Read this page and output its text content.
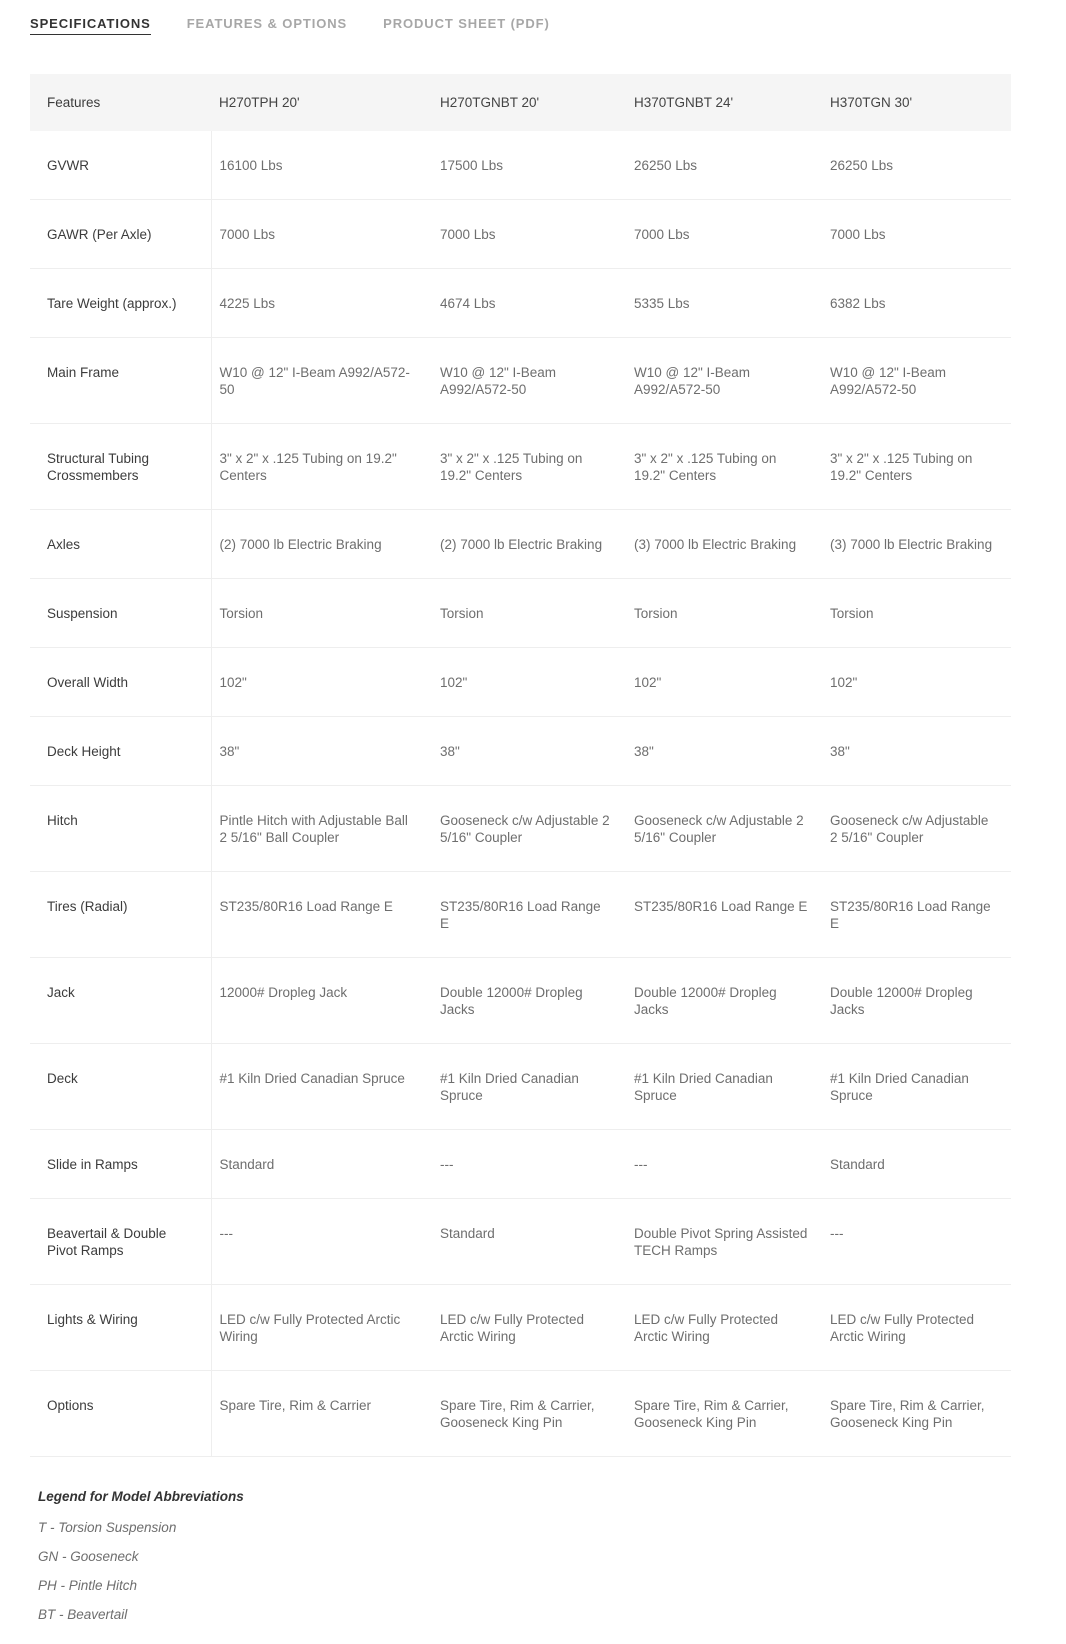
SPECIFICATIONS	FEATURES & OPTIONS	PRODUCT SHEET (PDF)
Features	H270TPH 20'	H270TGNBT 20'	H370TGNBT 24'	H370TGN 30'
GVWR	16100 Lbs	17500 Lbs	26250 Lbs	26250 Lbs
GAWR (Per Axle)	7000 Lbs	7000 Lbs	7000 Lbs	7000 Lbs
Tare Weight (approx.)	4225 Lbs	4674 Lbs	5335 Lbs	6382 Lbs
Main Frame	W10 @ 12" I-Beam A992/A572-50	W10 @ 12" I-Beam A992/A572-50	W10 @ 12" I-Beam A992/A572-50	W10 @ 12" I-Beam A992/A572-50
Structural Tubing Crossmembers	3" x 2" x .125 Tubing on 19.2" Centers	3" x 2" x .125 Tubing on 19.2" Centers	3" x 2" x .125 Tubing on 19.2" Centers	3" x 2" x .125 Tubing on 19.2" Centers
Axles	(2) 7000 lb Electric Braking	(2) 7000 lb Electric Braking	(3) 7000 lb Electric Braking	(3) 7000 lb Electric Braking
Suspension	Torsion	Torsion	Torsion	Torsion
Overall Width	102"	102"	102"	102"
Deck Height	38"	38"	38"	38"
Hitch	Pintle Hitch with Adjustable Ball 2 5/16" Ball Coupler	Gooseneck c/w Adjustable 2 5/16" Coupler	Gooseneck c/w Adjustable 2 5/16" Coupler	Gooseneck c/w Adjustable 2 5/16" Coupler
Tires (Radial)	ST235/80R16 Load Range E	ST235/80R16 Load Range E	ST235/80R16 Load Range E	ST235/80R16 Load Range E
Jack	12000# Dropleg Jack	Double 12000# Dropleg Jacks	Double 12000# Dropleg Jacks	Double 12000# Dropleg Jacks
Deck	#1 Kiln Dried Canadian Spruce	#1 Kiln Dried Canadian Spruce	#1 Kiln Dried Canadian Spruce	#1 Kiln Dried Canadian Spruce
Slide in Ramps	Standard	---	---	Standard
Beavertail & Double Pivot Ramps	---	Standard	Double Pivot Spring Assisted TECH Ramps	---
Lights & Wiring	LED c/w Fully Protected Arctic Wiring	LED c/w Fully Protected Arctic Wiring	LED c/w Fully Protected Arctic Wiring	LED c/w Fully Protected Arctic Wiring
Options	Spare Tire, Rim & Carrier	Spare Tire, Rim & Carrier, Gooseneck King Pin	Spare Tire, Rim & Carrier, Gooseneck King Pin	Spare Tire, Rim & Carrier, Gooseneck King Pin
Legend for Model Abbreviations
T - Torsion Suspension
GN - Gooseneck
PH - Pintle Hitch
BT - Beavertail
